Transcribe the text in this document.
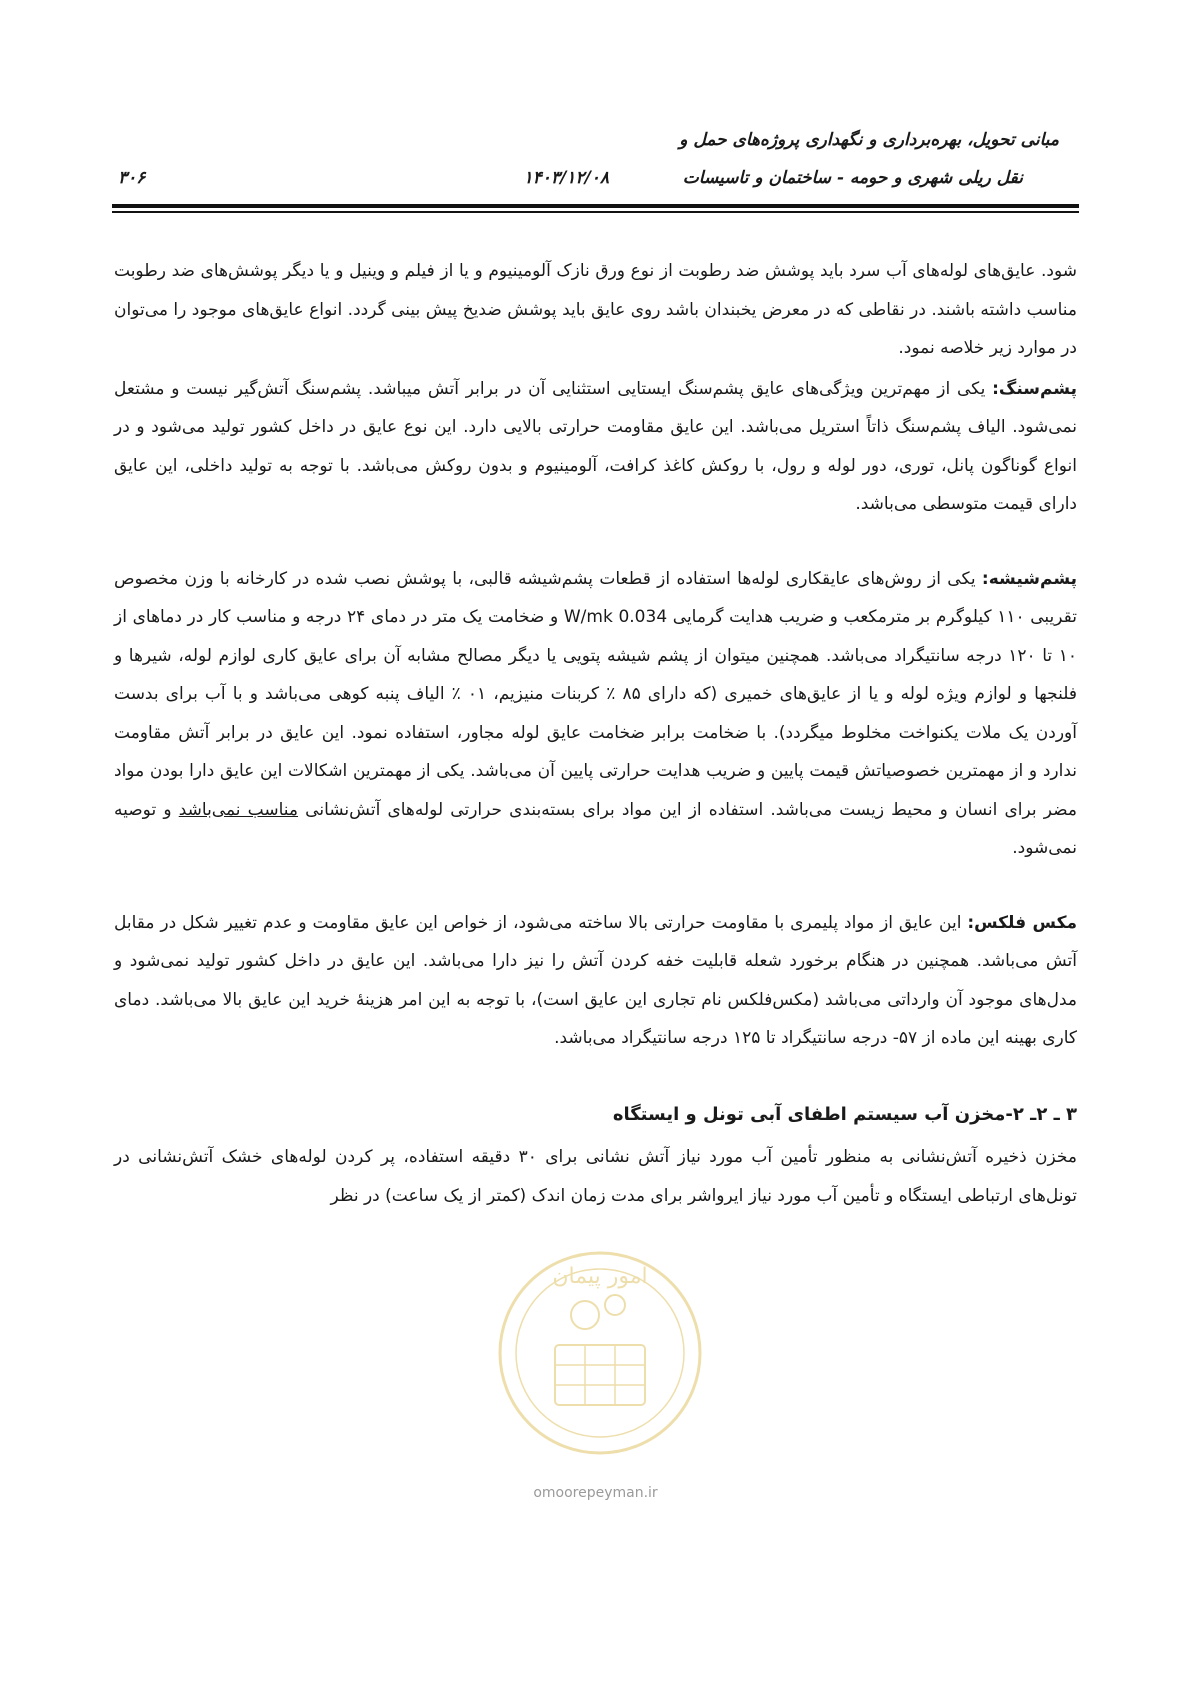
مبانی تحویل، بهره‌برداری و نگهداری پروژه‌های حمل و
نقل ریلی شهری و حومه - ساختمان و تاسیسات
۱۴۰۳/۱۲/۰۸
۳۰۶

شود. عایق‌های لوله‌های آب سرد باید پوشش ضد رطوبت از نوع ورق نازک آلومینیوم و یا از فیلم و وینیل و یا دیگر پوشش‌های ضد رطوبت مناسب داشته باشند. در نقاطی که در معرض یخبندان باشد روی عایق باید پوشش ضدیخ پیش بینی گردد. انواع عایق‌های موجود را می‌توان در موارد زیر خلاصه نمود.

پشم‌سنگ: یکی از مهم‌ترین ویژگی‌های عایق پشم‌سنگ ایستایی استثنایی آن در برابر آتش میباشد. پشم‌سنگ آتش‌گیر نیست و مشتعل نمی‌شود. الیاف پشم‌سنگ ذاتاً استریل می‌باشد. این عایق مقاومت حرارتی بالایی دارد. این نوع عایق در داخل کشور تولید می‌شود و در انواع گوناگون پانل، توری، دور لوله و رول، با روکش کاغذ کرافت، آلومینیوم و بدون روکش می‌باشد. با توجه به تولید داخلی، این عایق دارای قیمت متوسطی می‌باشد.

پشم‌شیشه: یکی از روش‌های عایقکاری لوله‌ها استفاده از قطعات پشم‌شیشه قالبی، با پوشش نصب شده در کارخانه با وزن مخصوص تقریبی ۱۱۰ کیلوگرم بر مترمکعب و ضریب هدایت گرمایی W/mk 0.034 و ضخامت یک متر در دمای ۲۴ درجه و مناسب کار در دماهای از ۱۰ تا ۱۲۰ درجه سانتیگراد می‌باشد. همچنین میتوان از پشم شیشه پتویی یا دیگر مصالح مشابه آن برای عایق کاری لوازم لوله، شیرها و فلنجها و لوازم ویژه لوله و یا از عایق‌های خمیری (که دارای ۸۵ ٪ کربنات منیزیم، ۰۱ ٪ الیاف پنبه کوهی می‌باشد و با آب برای بدست آوردن یک ملات یکنواخت مخلوط میگردد). با ضخامت برابر ضخامت عایق لوله مجاور، استفاده نمود. این عایق در برابر آتش مقاومت ندارد و از مهمترین خصوصیاتش قیمت پایین و ضریب هدایت حرارتی پایین آن می‌باشد. یکی از مهمترین اشکالات این عایق دارا بودن مواد مضر برای انسان و محیط زیست می‌باشد. استفاده از این مواد برای بسته‌بندی حرارتی لوله‌های آتش‌نشانی مناسب نمی‌باشد و توصیه نمی‌شود.

مکس فلکس: این عایق از مواد پلیمری با مقاومت حرارتی بالا ساخته می‌شود، از خواص این عایق مقاومت و عدم تغییر شکل در مقابل آتش می‌باشد. همچنین در هنگام برخورد شعله قابلیت خفه کردن آتش را نیز دارا می‌باشد. این عایق در داخل کشور تولید نمی‌شود و مدل‌های موجود آن وارداتی می‌باشد (مکس‌فلکس نام تجاری این عایق است)، با توجه به این امر هزینهٔ خرید این عایق بالا می‌باشد. دمای کاری بهینه این ماده از ۵۷- درجه سانتیگراد تا ۱۲۵ درجه سانتیگراد می‌باشد.

۳ ـ ۲ـ ۲-مخزن آب سیستم اطفای آبی تونل و ایستگاه

مخزن ذخیره آتش‌نشانی به منظور تأمین آب مورد نیاز آتش نشانی برای ۳۰ دقیقه استفاده، پر کردن لوله‌های خشک آتش‌نشانی در تونل‌های ارتباطی ایستگاه و تأمین آب مورد نیاز ایرواشر برای مدت زمان اندک (کمتر از یک ساعت) در نظر

امور پیمان
omoorepeyman.ir
